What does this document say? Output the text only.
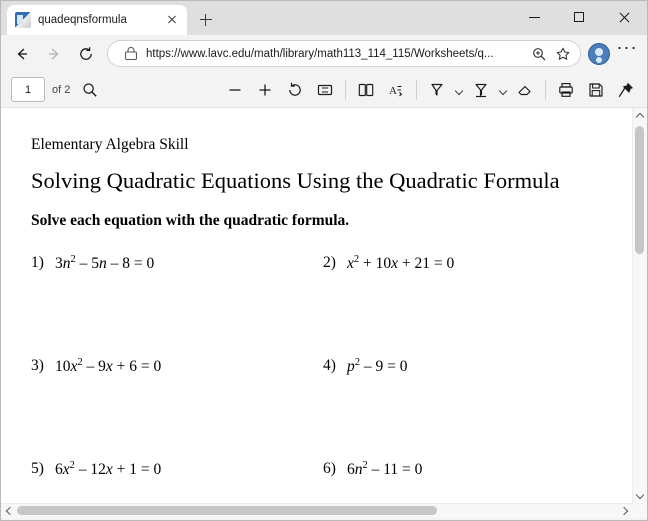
quadeqnsformula
https://www.lavc.edu/math/library/math113_114_115/Worksheets/q...
···
1	of 2	A
Elementary Algebra Skill
Solving Quadratic Equations Using the Quadratic Formula
Solve each equation with the quadratic formula.
1) $3n^2 - 5n - 8 = 0$	2) $x^2 + 10x + 21 = 0$
3) $10x^2 - 9x + 6 = 0$	4) $p^2 - 9 = 0$
5) $6x^2 - 12x + 1 = 0$	6) $6n^2 - 11 = 0$
